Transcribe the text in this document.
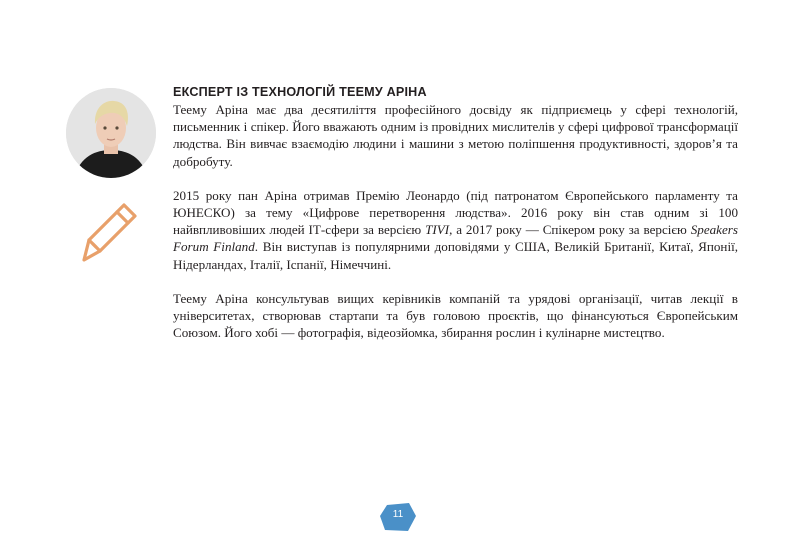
ЕКСПЕРТ ІЗ ТЕХНОЛОГІЙ ТЕЕМУ АРІНА

Теему Аріна має два десятиліття професійного досвіду як підприємець у сфері технологій, письменник і спікер. Його вважають одним із провідних мислителів у сфері цифрової трансформації людства. Він вивчає взаємодію людини і машини з метою поліпшення продуктивності, здоров’я та добробуту.

2015 року пан Аріна отримав Премію Леонардо (під патронатом Європейського парламенту та ЮНЕСКО) за тему «Цифрове перетворення людства». 2016 року він став одним зі 100 найвпливовіших людей ІТ-сфери за версією TIVI, а 2017 року — Спікером року за версією Speakers Forum Finland. Він виступав із популярними доповідями у США, Великій Британії, Китаї, Японії, Нідерландах, Італії, Іспанії, Німеччині.

Теему Аріна консультував вищих керівників компаній та урядові організації, читав лекції в університетах, створював стартапи та був головою проєктів, що фінансуються Європейським Союзом. Його хобі — фотографія, відеозйомка, збирання рослин і кулінарне мистецтво.

11
